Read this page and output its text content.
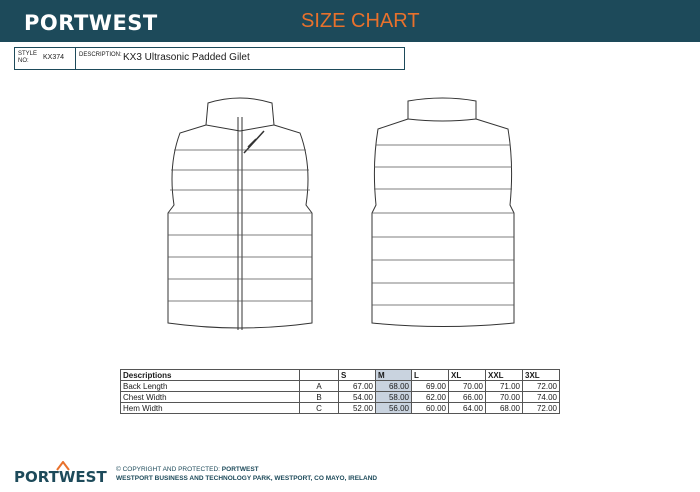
PORTWEST	SIZE CHART
STYLE
NO:	KX374 DESCRIPTION: KX3 Ultrasonic Padded Gilet
Descriptions		S	M	L	XL	XXL	3XL
Back Length	A	67.00	68.00	69.00	70.00	71.00	72.00
Chest Width	B	54.00	58.00	62.00	66.00	70.00	74.00
Hem Width	C	52.00	56.00	60.00	64.00	68.00	72.00
PORTWEST © COPYRIGHT AND PROTECTED: PORTWEST
WESTPORT BUSINESS AND TECHNOLOGY PARK, WESTPORT, CO MAYO, IRELAND
